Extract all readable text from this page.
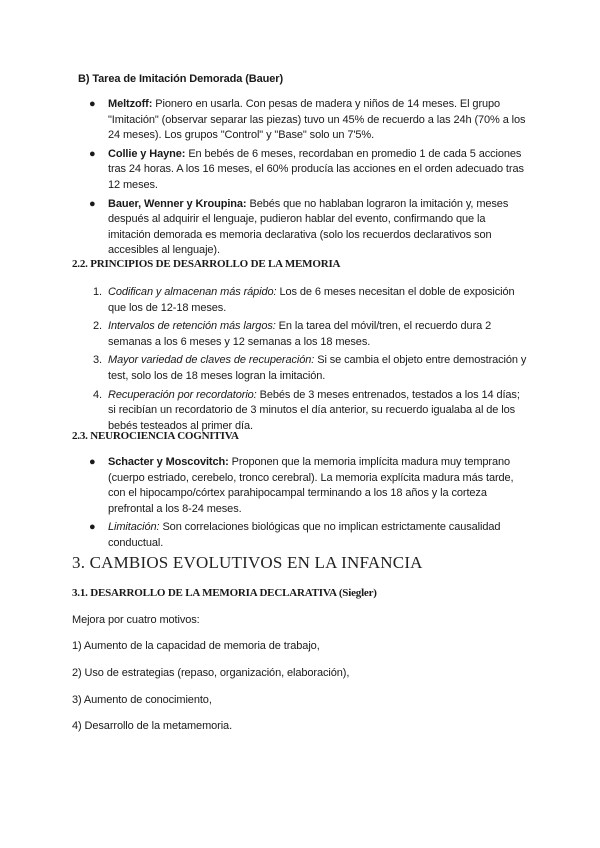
B) Tarea de Imitación Demorada (Bauer)
● Meltzoff: Pionero en usarla. Con pesas de madera y niños de 14 meses. El grupo "Imitación" (observar separar las piezas) tuvo un 45% de recuerdo a las 24h (70% a los 24 meses). Los grupos "Control" y "Base" solo un 7'5%.
● Collie y Hayne: En bebés de 6 meses, recordaban en promedio 1 de cada 5 acciones tras 24 horas. A los 16 meses, el 60% producía las acciones en el orden adecuado tras 12 meses.
● Bauer, Wenner y Kroupina: Bebés que no hablaban lograron la imitación y, meses después al adquirir el lenguaje, pudieron hablar del evento, confirmando que la imitación demorada es memoria declarativa (solo los recuerdos declarativos son accesibles al lenguaje).
2.2. PRINCIPIOS DE DESARROLLO DE LA MEMORIA
1. Codifican y almacenan más rápido: Los de 6 meses necesitan el doble de exposición que los de 12-18 meses.
2. Intervalos de retención más largos: En la tarea del móvil/tren, el recuerdo dura 2 semanas a los 6 meses y 12 semanas a los 18 meses.
3. Mayor variedad de claves de recuperación: Si se cambia el objeto entre demostración y test, solo los de 18 meses logran la imitación.
4. Recuperación por recordatorio: Bebés de 3 meses entrenados, testados a los 14 días; si recibían un recordatorio de 3 minutos el día anterior, su recuerdo igualaba al de los bebés testeados al primer día.
2.3. NEUROCIENCIA COGNITIVA
● Schacter y Moscovitch: Proponen que la memoria implícita madura muy temprano (cuerpo estriado, cerebelo, tronco cerebral). La memoria explícita madura más tarde, con el hipocampo/córtex parahipocampal terminando a los 18 años y la corteza prefrontal a los 8-24 meses.
● Limitación: Son correlaciones biológicas que no implican estrictamente causalidad conductual.
3. CAMBIOS EVOLUTIVOS EN LA INFANCIA
3.1. DESARROLLO DE LA MEMORIA DECLARATIVA (Siegler)
Mejora por cuatro motivos:
1) Aumento de la capacidad de memoria de trabajo,
2) Uso de estrategias (repaso, organización, elaboración),
3) Aumento de conocimiento,
4) Desarrollo de la metamemoria.
